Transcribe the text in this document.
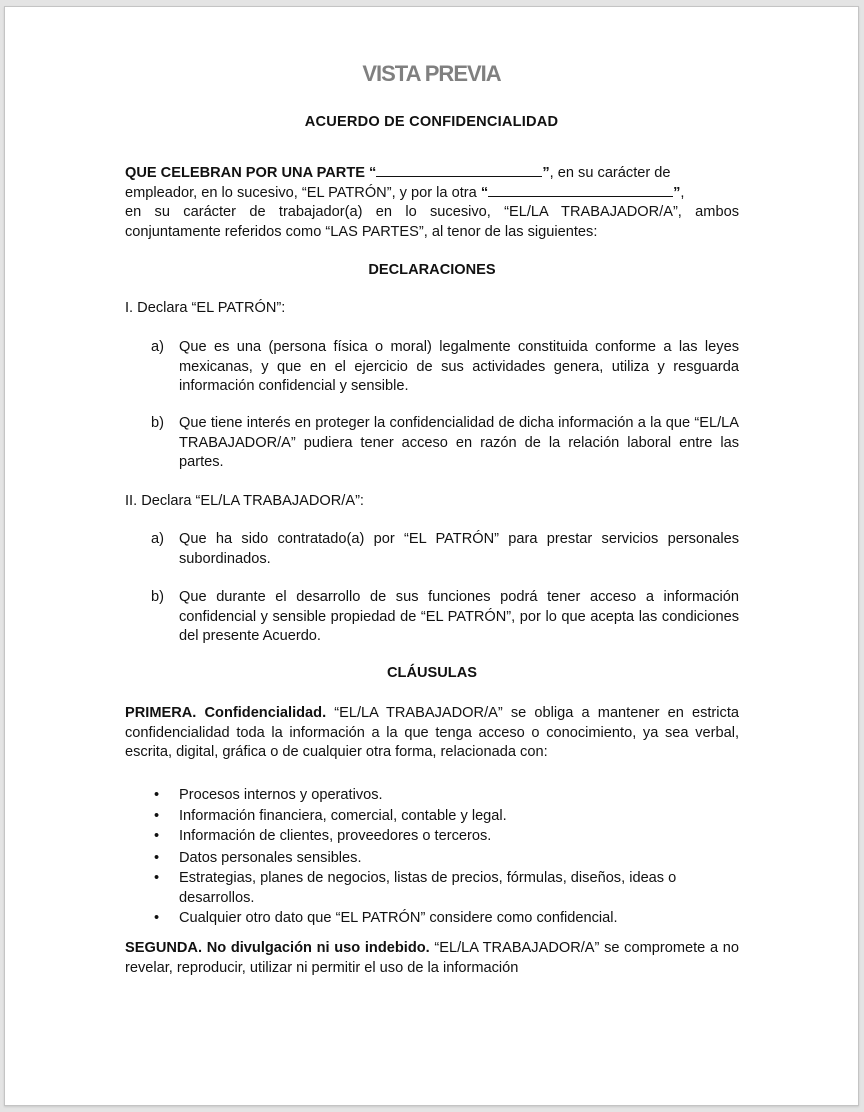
VISTA PREVIA
ACUERDO DE CONFIDENCIALIDAD
QUE CELEBRAN POR UNA PARTE “	”, en su carácter de
empleador, en lo sucesivo, “EL PATRÓN”, y por la otra “	”,
en su carácter de trabajador(a) en lo sucesivo, “EL/LA TRABAJADOR/A”, ambos
conjuntamente referidos como “LAS PARTES”, al tenor de las siguientes:
DECLARACIONES
I. Declara “EL PATRÓN”:
a) Que es una (persona física o moral) legalmente constituida conforme a las leyes mexicanas, y que en el ejercicio de sus actividades genera, utiliza y resguarda información confidencial y sensible.
b) Que tiene interés en proteger la confidencialidad de dicha información a la que “EL/LA TRABAJADOR/A” pudiera tener acceso en razón de la relación laboral entre las partes.
II. Declara “EL/LA TRABAJADOR/A”:
a) Que ha sido contratado(a) por “EL PATRÓN” para prestar servicios personales subordinados.
b) Que durante el desarrollo de sus funciones podrá tener acceso a información confidencial y sensible propiedad de “EL PATRÓN”, por lo que acepta las condiciones del presente Acuerdo.
CLÁUSULAS
PRIMERA. Confidencialidad. “EL/LA TRABAJADOR/A” se obliga a mantener en estricta confidencialidad toda la información a la que tenga acceso o conocimiento, ya sea verbal, escrita, digital, gráfica o de cualquier otra forma, relacionada con:
• Procesos internos y operativos.
• Información financiera, comercial, contable y legal.
• Información de clientes, proveedores o terceros.
• Datos personales sensibles.
• Estrategias, planes de negocios, listas de precios, fórmulas, diseños, ideas o desarrollos.
• Cualquier otro dato que “EL PATRÓN” considere como confidencial.
SEGUNDA. No divulgación ni uso indebido. “EL/LA TRABAJADOR/A” se compromete a no revelar, reproducir, utilizar ni permitir el uso de la información
